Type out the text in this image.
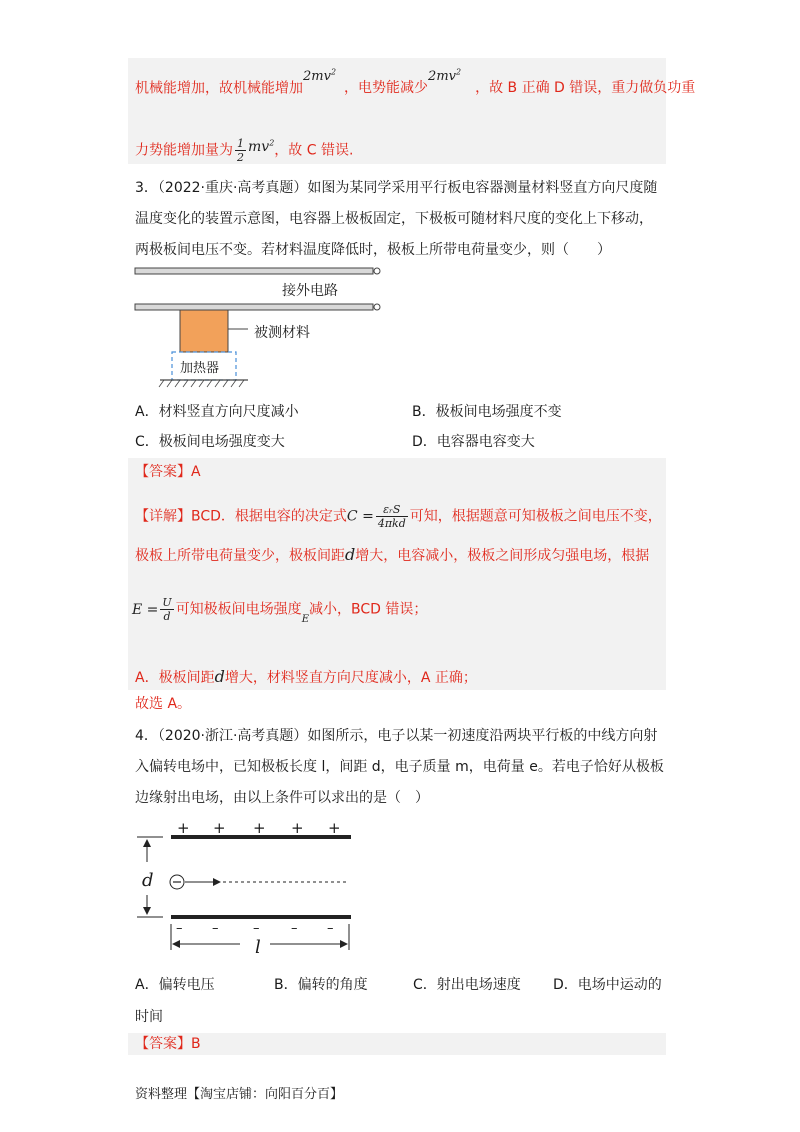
机械能增加，故机械能增加$2mv^2$，电势能减少$2mv^2$，故 B 正确 D 错误，重力做负功重
力势能增加量为 $\frac{1}{2} mv^2$，故 C 错误.
3．（2022·重庆·高考真题）如图为某同学采用平行板电容器测量材料竖直方向尺度随
温度变化的装置示意图，电容器上极板固定，下极板可随材料尺度的变化上下移动，
两极板间电压不变。若材料温度降低时，极板上所带电荷量变少，则（　　）
接外电路
被测材料
加热器
A．材料竖直方向尺度减小	B．极板间电场强度不变
C．极板间电场强度变大	D．电容器电容变大
【答案】A
【详解】BCD．根据电容的决定式$C = \frac{\text{εᵣS}}{\text{4πkd}}$ 可知，根据题意可知极板之间电压不变，
极板上所带电荷量变少，极板间距d增大，电容减小，极板之间形成匀强电场，根据
$E = \frac{U}{d}$ 可知极板间电场强度$_E$减小，BCD 错误；
A．极板间距d增大，材料竖直方向尺度减小，A 正确；
故选 A。
4．（2020·浙江·高考真题）如图所示，电子以某一初速度沿两块平行板的中线方向射
入偏转电场中，已知极板长度 l，间距 d，电子质量 m，电荷量 e。若电子恰好从极板
边缘射出电场，由以上条件可以求出的是（　）
+ + + + +
– –	– – –
d
l
A．偏转电压	B．偏转的角度	C．射出电场速度 D．电场中运动的
时间
【答案】B
资料整理【淘宝店铺：向阳百分百】
